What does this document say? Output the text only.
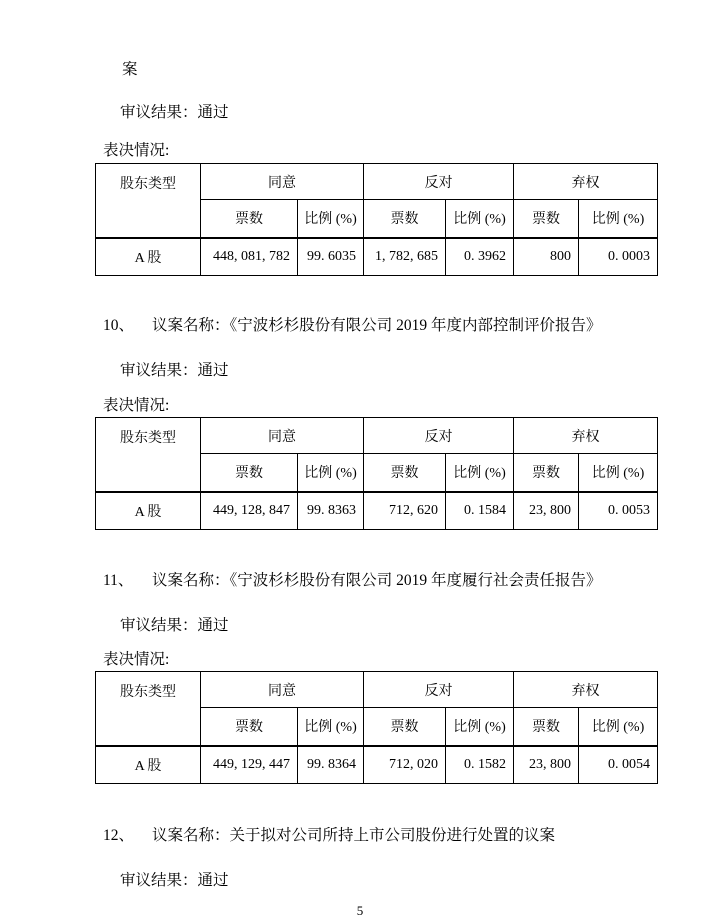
案
审议结果：通过
表决情况:
股东类型	同意		反对		弃权	
	票数	比例 (%)	票数	比例 (%)	票数	比例 (%)
A 股	448, 081, 782	99. 6035	1, 782, 685	0. 3962	800	0. 0003
10、	议案名称：《宁波杉杉股份有限公司 2019 年度内部控制评价报告》
审议结果：通过
表决情况:
股东类型	同意		反对		弃权	
	票数	比例 (%)	票数	比例 (%)	票数	比例 (%)
A 股	449, 128, 847	99. 8363	712, 620	0. 1584	23, 800	0. 0053
11、	议案名称：《宁波杉杉股份有限公司 2019 年度履行社会责任报告》
审议结果：通过
表决情况:
股东类型	同意		反对		弃权	
	票数	比例 (%)	票数	比例 (%)	票数	比例 (%)
A 股	449, 129, 447	99. 8364	712, 020	0. 1582	23, 800	0. 0054
12、	议案名称：关于拟对公司所持上市公司股份进行处置的议案
审议结果：通过
5
